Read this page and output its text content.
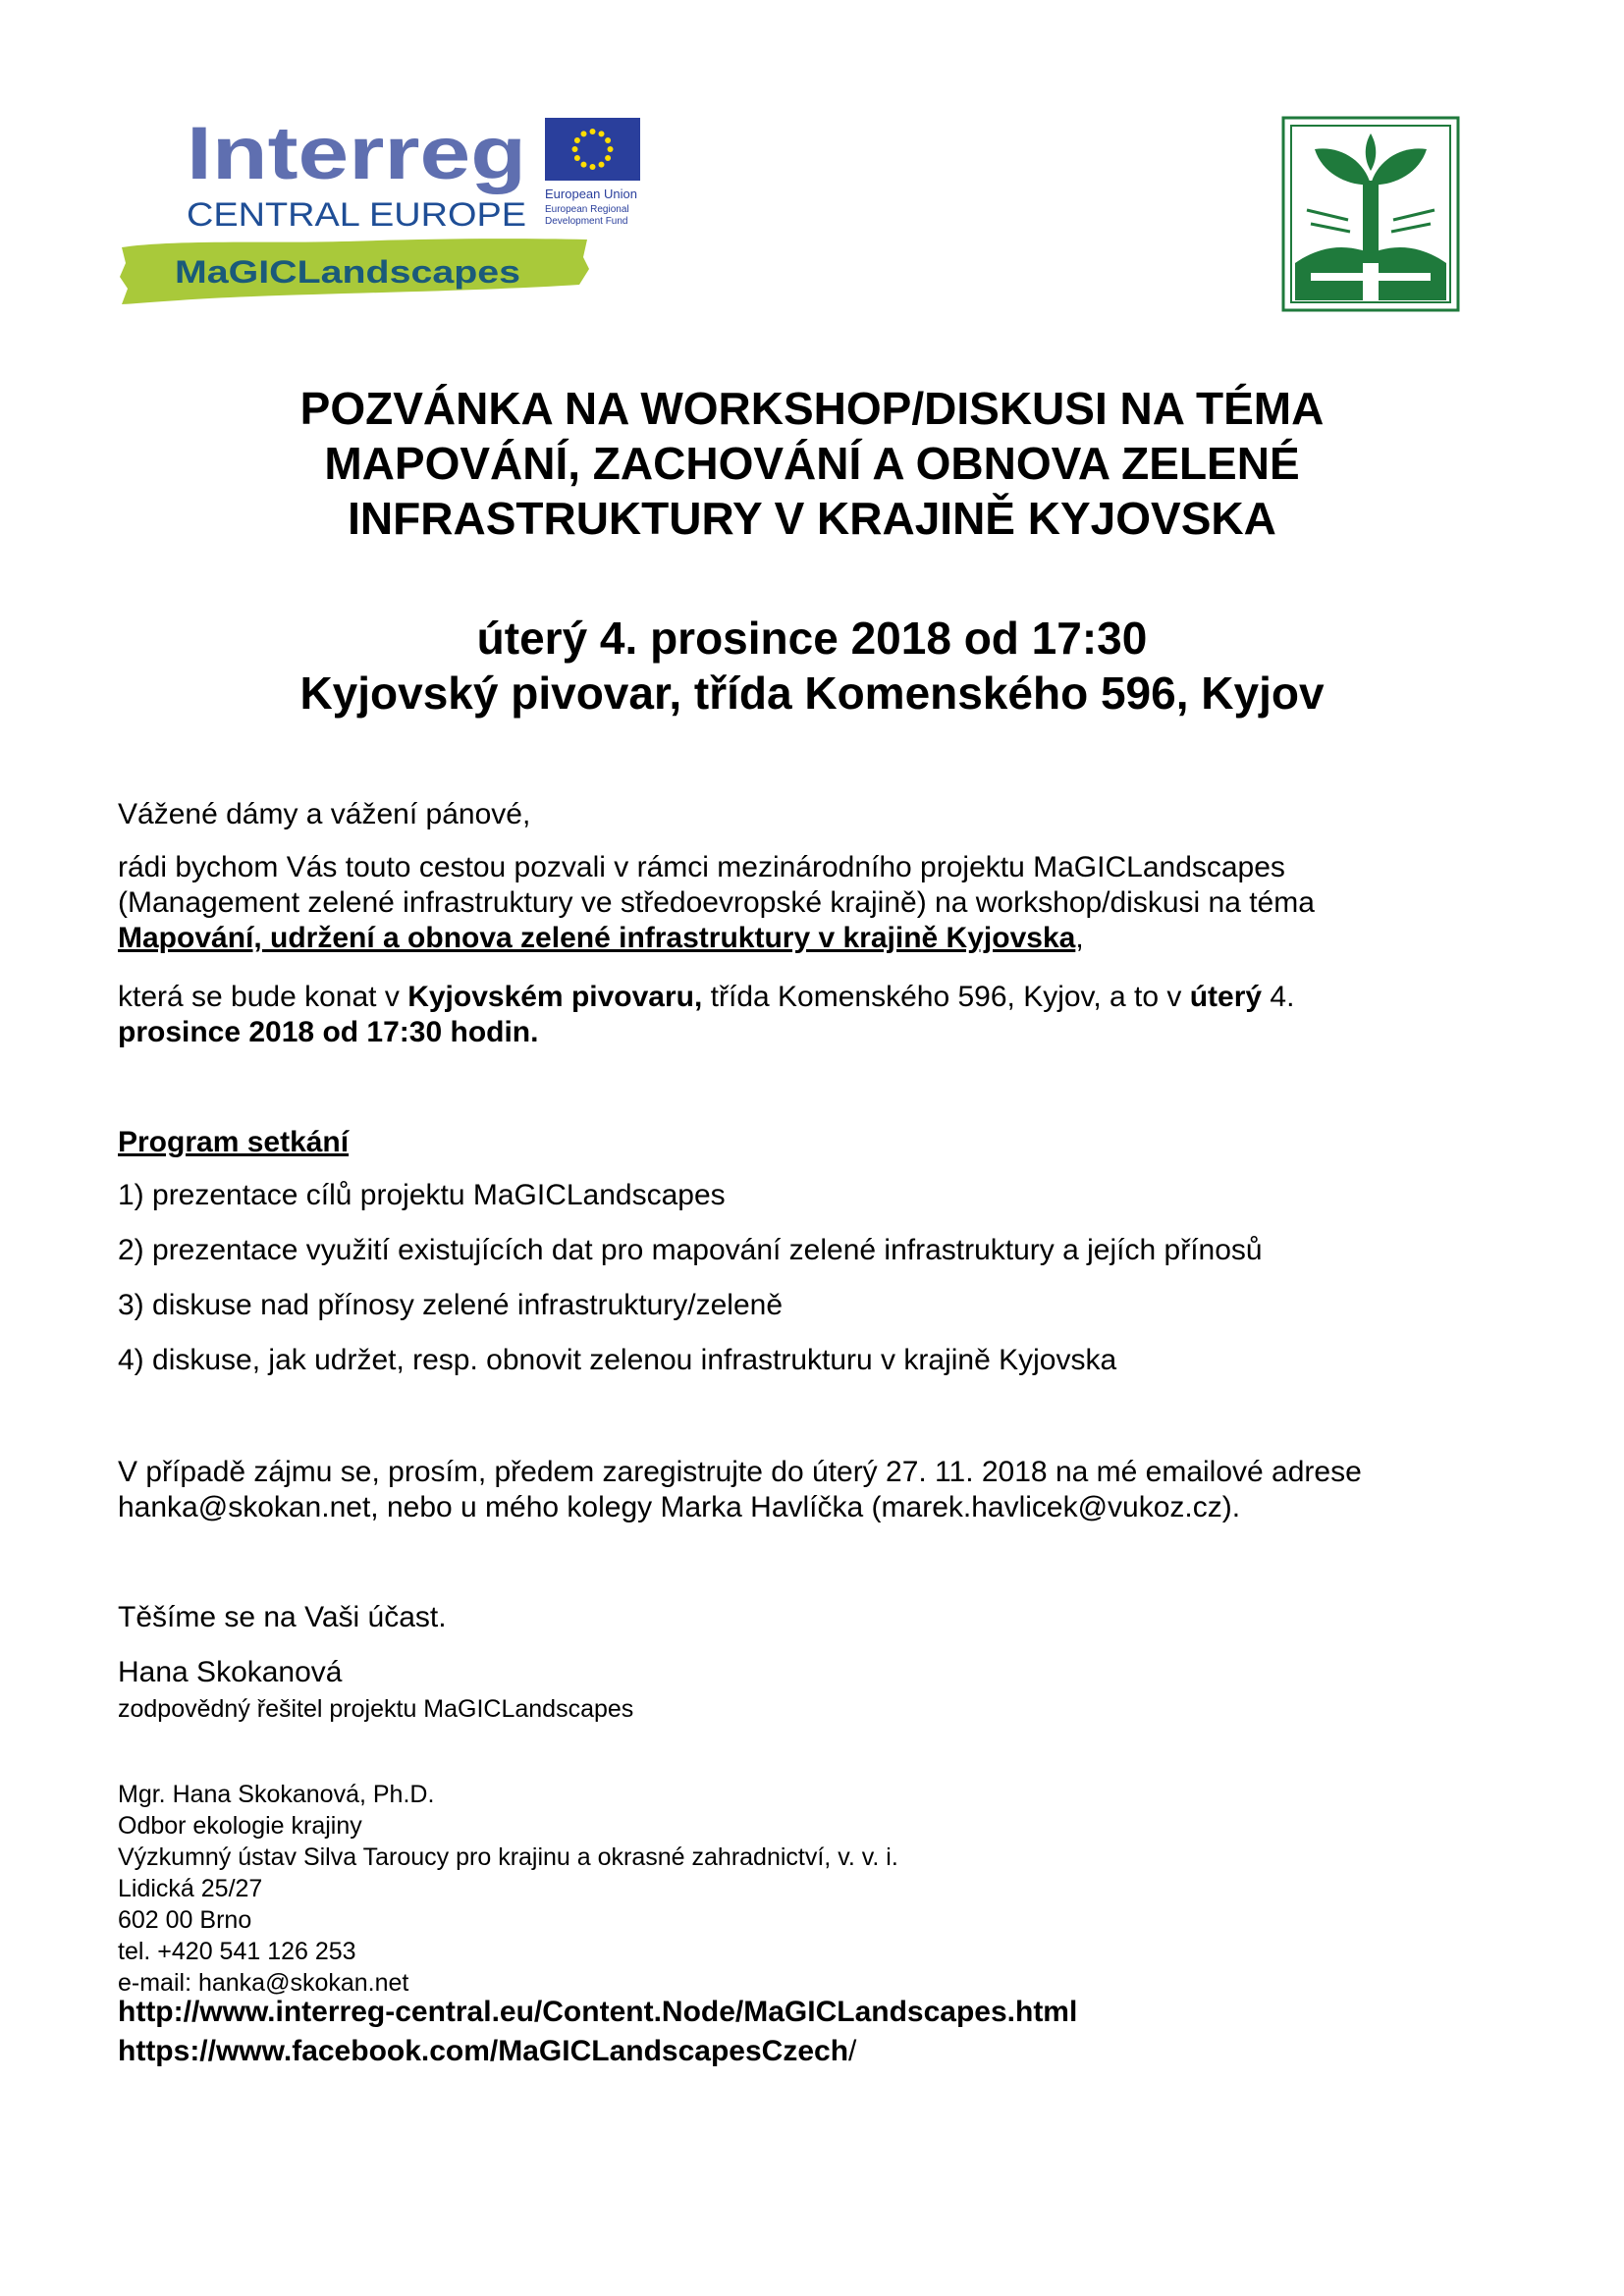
Interreg
CENTRAL EUROPE
European Union
European Regional
Development Fund
MaGICLandscapes
POZVÁNKA NA WORKSHOP/DISKUSI NA TÉMA
MAPOVÁNÍ, ZACHOVÁNÍ A OBNOVA ZELENÉ
INFRASTRUKTURY V KRAJINĚ KYJOVSKA
úterý 4. prosince 2018 od 17:30
Kyjovský pivovar, třída Komenského 596, Kyjov
Vážené dámy a vážení pánové,
rádi bychom Vás touto cestou pozvali v rámci mezinárodního projektu MaGICLandscapes
(Management zelené infrastruktury ve středoevropské krajině) na workshop/diskusi na téma
Mapování, udržení a obnova zelené infrastruktury v krajině Kyjovska,
která se bude konat v Kyjovském pivovaru, třída Komenského 596, Kyjov, a to v úterý 4.
prosince 2018 od 17:30 hodin.
Program setkání
1) prezentace cílů projektu MaGICLandscapes
2) prezentace využití existujících dat pro mapování zelené infrastruktury a jejích přínosů
3) diskuse nad přínosy zelené infrastruktury/zeleně
4) diskuse, jak udržet, resp. obnovit zelenou infrastrukturu v krajině Kyjovska
V případě zájmu se, prosím, předem zaregistrujte do úterý 27. 11. 2018 na mé emailové adrese
hanka@skokan.net, nebo u mého kolegy Marka Havlíčka (marek.havlicek@vukoz.cz).
Těšíme se na Vaši účast.
Hana Skokanová
zodpovědný řešitel projektu MaGICLandscapes
Mgr. Hana Skokanová, Ph.D.
Odbor ekologie krajiny
Výzkumný ústav Silva Taroucy pro krajinu a okrasné zahradnictví, v. v. i.
Lidická 25/27
602 00 Brno
tel. +420 541 126 253
e-mail: hanka@skokan.net
http://www.interreg-central.eu/Content.Node/MaGICLandscapes.html
https://www.facebook.com/MaGICLandscapesCzech/
